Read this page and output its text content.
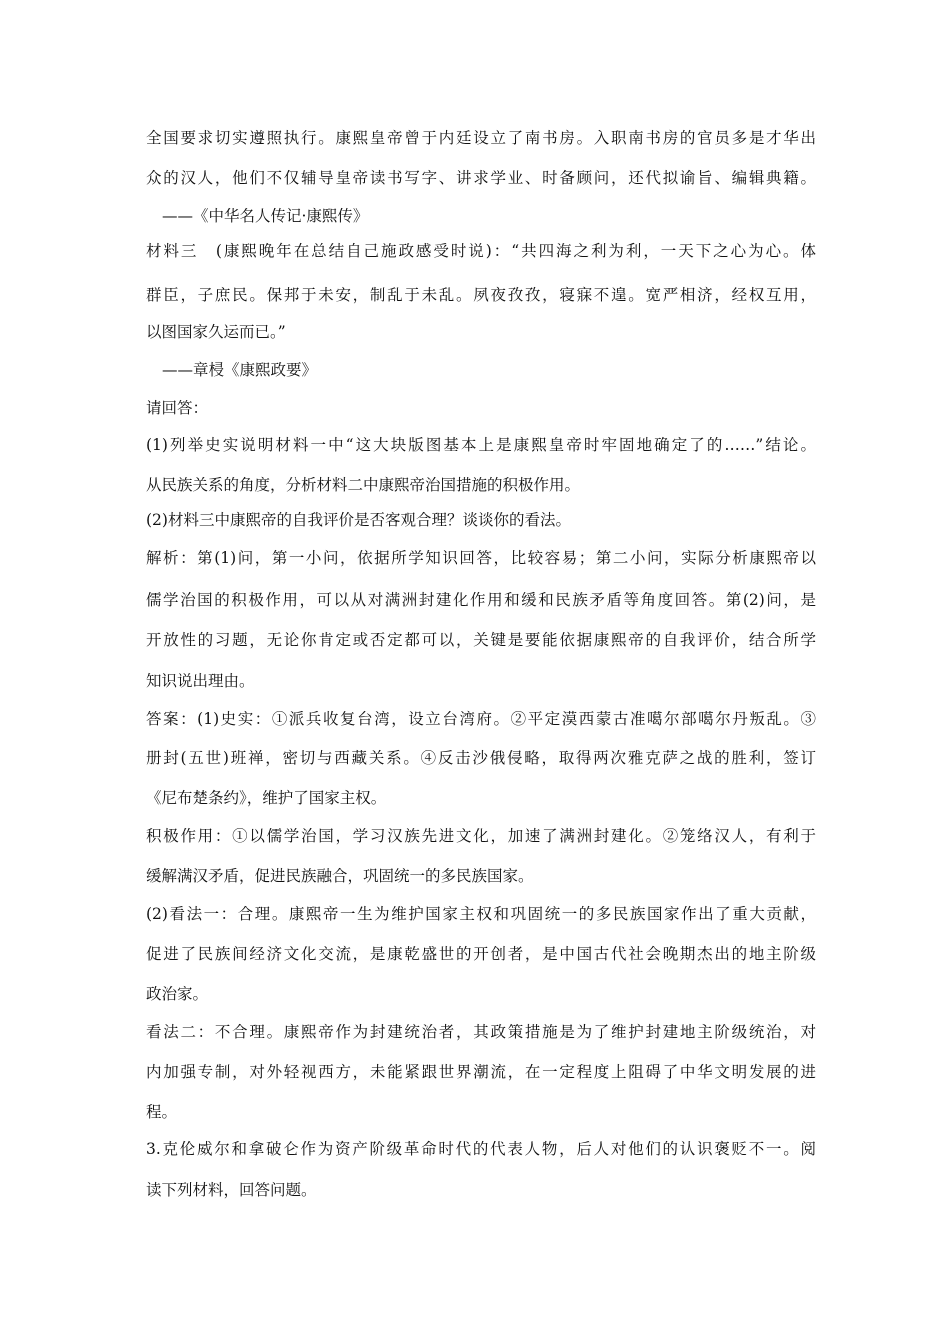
全国要求切实遵照执行。康熙皇帝曾于内廷设立了南书房。入职南书房的官员多是才华出
众的汉人，他们不仅辅导皇帝读书写字、讲求学业、时备顾问，还代拟谕旨、编辑典籍。
——《中华名人传记·康熙传》
材料三　(康熙晚年在总结自己施政感受时说)：“共四海之利为利，一天下之心为心。体
群臣，子庶民。保邦于未安，制乱于未乱。夙夜孜孜，寝寐不遑。宽严相济，经权互用，
以图国家久运而已。”
——章梫《康熙政要》
请回答：
(1)列举史实说明材料一中“这大块版图基本上是康熙皇帝时牢固地确定了的……”结论。
从民族关系的角度，分析材料二中康熙帝治国措施的积极作用。
(2)材料三中康熙帝的自我评价是否客观合理？谈谈你的看法。
解析：第(1)问，第一小问，依据所学知识回答，比较容易；第二小问，实际分析康熙帝以
儒学治国的积极作用，可以从对满洲封建化作用和缓和民族矛盾等角度回答。第(2)问，是
开放性的习题，无论你肯定或否定都可以，关键是要能依据康熙帝的自我评价，结合所学
知识说出理由。
答案：(1)史实：①派兵收复台湾，设立台湾府。②平定漠西蒙古准噶尔部噶尔丹叛乱。③
册封(五世)班禅，密切与西藏关系。④反击沙俄侵略，取得两次雅克萨之战的胜利，签订
《尼布楚条约》，维护了国家主权。
积极作用：①以儒学治国，学习汉族先进文化，加速了满洲封建化。②笼络汉人，有利于
缓解满汉矛盾，促进民族融合，巩固统一的多民族国家。
(2)看法一：合理。康熙帝一生为维护国家主权和巩固统一的多民族国家作出了重大贡献，
促进了民族间经济文化交流，是康乾盛世的开创者，是中国古代社会晚期杰出的地主阶级
政治家。
看法二：不合理。康熙帝作为封建统治者，其政策措施是为了维护封建地主阶级统治，对
内加强专制，对外轻视西方，未能紧跟世界潮流，在一定程度上阻碍了中华文明发展的进
程。
3.克伦威尔和拿破仑作为资产阶级革命时代的代表人物，后人对他们的认识褒贬不一。阅
读下列材料，回答问题。
